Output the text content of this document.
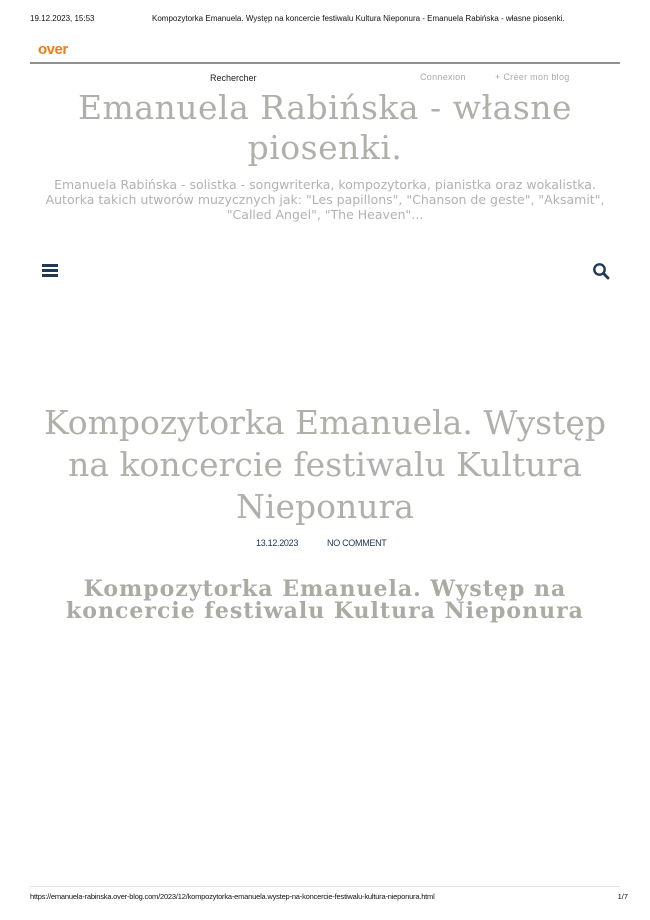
19.12.2023, 15:53	Kompozytorka Emanuela. Występ na koncercie festiwalu Kultura Nieponura - Emanuela Rabińska - własne piosenki.
over
Rechercher	Connexion	+ Créer mon blog
Emanuela Rabińska - własne piosenki.

Emanuela Rabińska - solistka - songwriterka, kompozytorka, pianistka oraz wokalistka. Autorka takich utworów muzycznych jak: "Les papillons", "Chanson de geste", "Aksamit", "Called Angel", "The Heaven"...

Kompozytorka Emanuela. Występ na koncercie festiwalu Kultura Nieponura
13.12.2023	NO COMMENT
Kompozytorka Emanuela. Występ na koncercie festiwalu Kultura Nieponura
https://emanuela-rabinska.over-blog.com/2023/12/kompozytorka-emanuela.wystep-na-koncercie-festiwalu-kultura-nieponura.html	1/7
